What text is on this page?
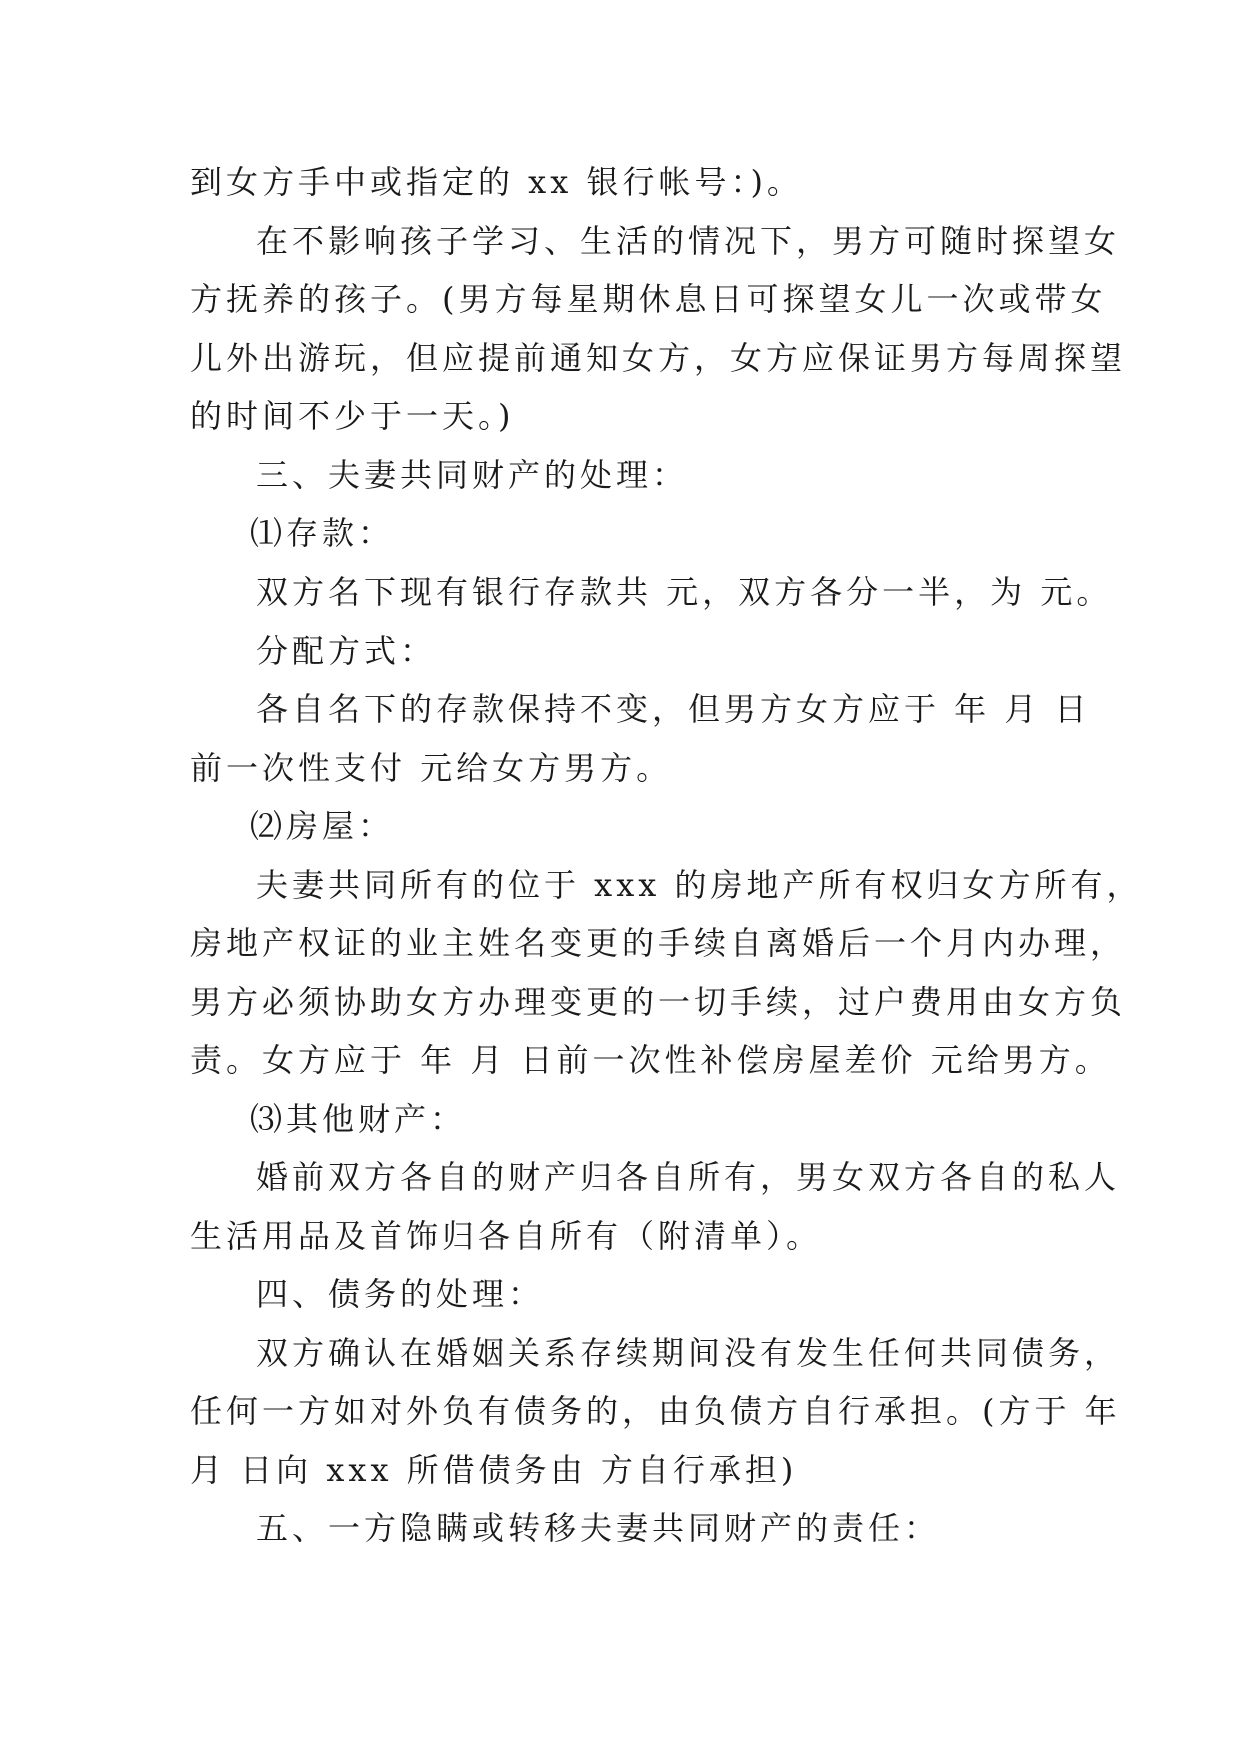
到女方手中或指定的 xx 银行帐号：)。
在不影响孩子学习、生活的情况下，男方可随时探望女
方抚养的孩子。(男方每星期休息日可探望女儿一次或带女
儿外出游玩，但应提前通知女方，女方应保证男方每周探望
的时间不少于一天。)
三、夫妻共同财产的处理：
⑴存款：
双方名下现有银行存款共 元，双方各分一半，为 元。
分配方式：
各自名下的存款保持不变，但男方女方应于 年 月 日
前一次性支付 元给女方男方。
⑵房屋：
夫妻共同所有的位于 xxx 的房地产所有权归女方所有，
房地产权证的业主姓名变更的手续自离婚后一个月内办理，
男方必须协助女方办理变更的一切手续，过户费用由女方负
责。女方应于 年 月 日前一次性补偿房屋差价 元给男方。
⑶其他财产：
婚前双方各自的财产归各自所有，男女双方各自的私人
生活用品及首饰归各自所有（附清单）。
四、债务的处理：
双方确认在婚姻关系存续期间没有发生任何共同债务，
任何一方如对外负有债务的，由负债方自行承担。(方于 年
月 日向 xxx 所借债务由 方自行承担)
五、一方隐瞒或转移夫妻共同财产的责任：
